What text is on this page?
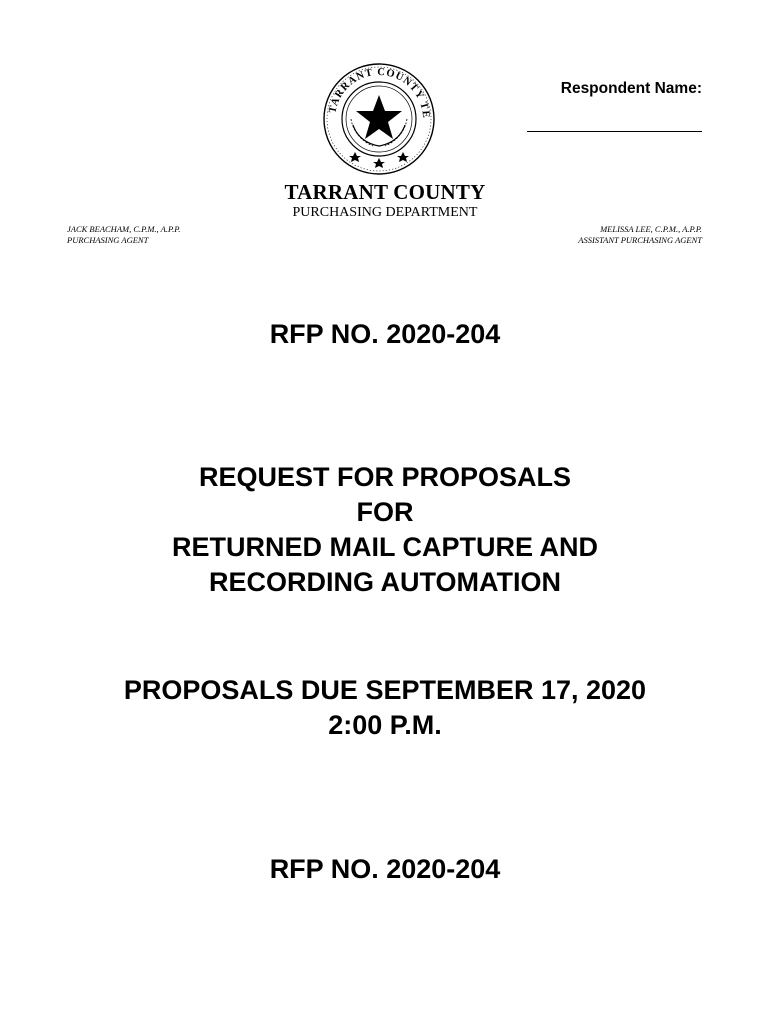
TARRANT COUNTY TE
Respondent Name:
TARRANT COUNTY
PURCHASING DEPARTMENT
JACK BEACHAM, C.P.M., A.P.P.
PURCHASING AGENT
MELISSA LEE, C.P.M., A.P.P.
ASSISTANT PURCHASING AGENT
RFP NO. 2020-204
REQUEST FOR PROPOSALS
FOR
RETURNED MAIL CAPTURE AND
RECORDING AUTOMATION
PROPOSALS DUE SEPTEMBER 17, 2020
2:00 P.M.
RFP NO. 2020-204
